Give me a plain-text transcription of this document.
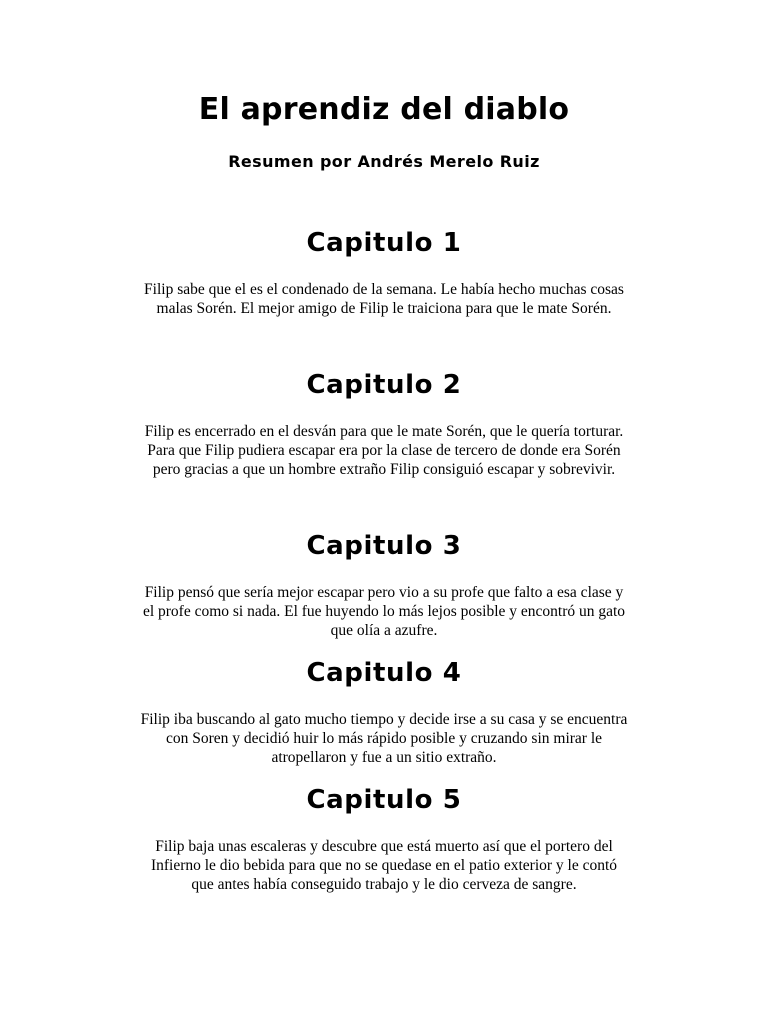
El aprendiz del diablo
Resumen por Andrés Merelo Ruiz
Capitulo 1

Filip sabe que el es el condenado de la semana. Le había hecho muchas cosas

malas Sorén. El mejor amigo de Filip le traiciona para que le mate Sorén.

Capitulo 2

Filip es encerrado en el desván para que le mate Sorén, que le quería torturar.

Para que Filip pudiera escapar era por la clase de tercero de donde era Sorén

pero gracias a que un hombre extraño Filip consiguió escapar y sobrevivir.

Capitulo 3

Filip pensó que sería mejor escapar pero vio a su profe que falto a esa clase y

el profe como si nada. El fue huyendo lo más lejos posible y encontró un gato

que olía a azufre.

Capitulo 4

Filip iba buscando al gato mucho tiempo y decide irse a su casa y se encuentra

con Soren y decidió huir lo más rápido posible y cruzando sin mirar le

atropellaron y fue a un sitio extraño.

Capitulo 5

Filip baja unas escaleras y descubre que está muerto así que el portero del

Infierno le dio bebida para que no se quedase en el patio exterior y le contó

que antes había conseguido trabajo y le dio cerveza de sangre.
